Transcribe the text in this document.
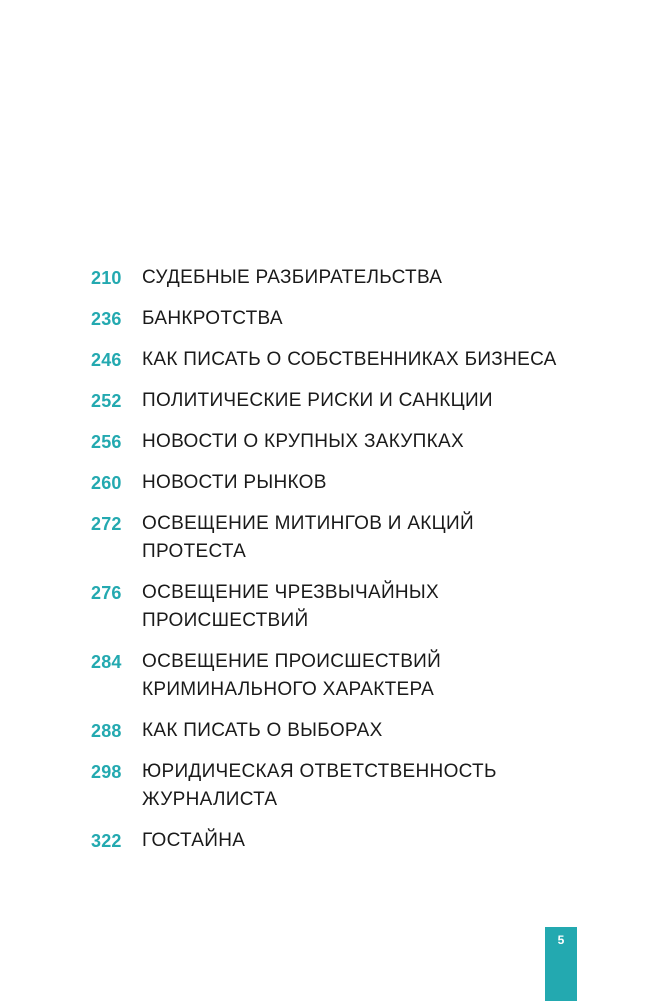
210	СУДЕБНЫЕ РАЗБИРАТЕЛЬСТВА
236	БАНКРОТСТВА
246	КАК ПИСАТЬ О СОБСТВЕННИКАХ БИЗНЕСА
252	ПОЛИТИЧЕСКИЕ РИСКИ И САНКЦИИ
256	НОВОСТИ О КРУПНЫХ ЗАКУПКАХ
260	НОВОСТИ РЫНКОВ
272	ОСВЕЩЕНИЕ МИТИНГОВ И АКЦИЙ
ПРОТЕСТА
276	ОСВЕЩЕНИЕ ЧРЕЗВЫЧАЙНЫХ
ПРОИСШЕСТВИЙ
284	ОСВЕЩЕНИЕ ПРОИСШЕСТВИЙ
КРИМИНАЛЬНОГО ХАРАКТЕРА
288	КАК ПИСАТЬ О ВЫБОРАХ
298	ЮРИДИЧЕСКАЯ ОТВЕТСТВЕННОСТЬ
ЖУРНАЛИСТА
322	ГОСТАЙНА
5
